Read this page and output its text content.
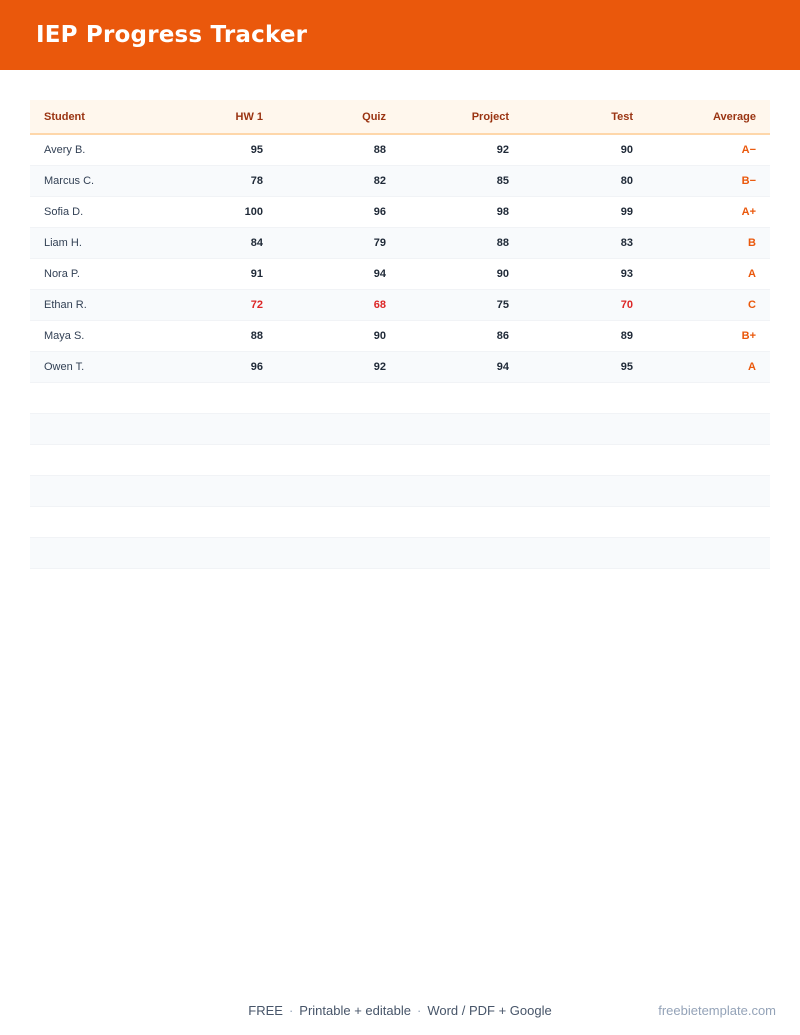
IEP Progress Tracker
Student	HW 1	Quiz	Project	Test	Average
Avery B.	95	88	92	90	A−
Marcus C.	78	82	85	80	B−
Sofia D.	100	96	98	99	A+
Liam H.	84	79	88	83	B
Nora P.	91	94	90	93	A
Ethan R.	72	68	75	70	C
Maya S.	88	90	86	89	B+
Owen T.	96	92	94	95	A

FREE · Printable + editable · Word / PDF + Google	freebietemplate.com
